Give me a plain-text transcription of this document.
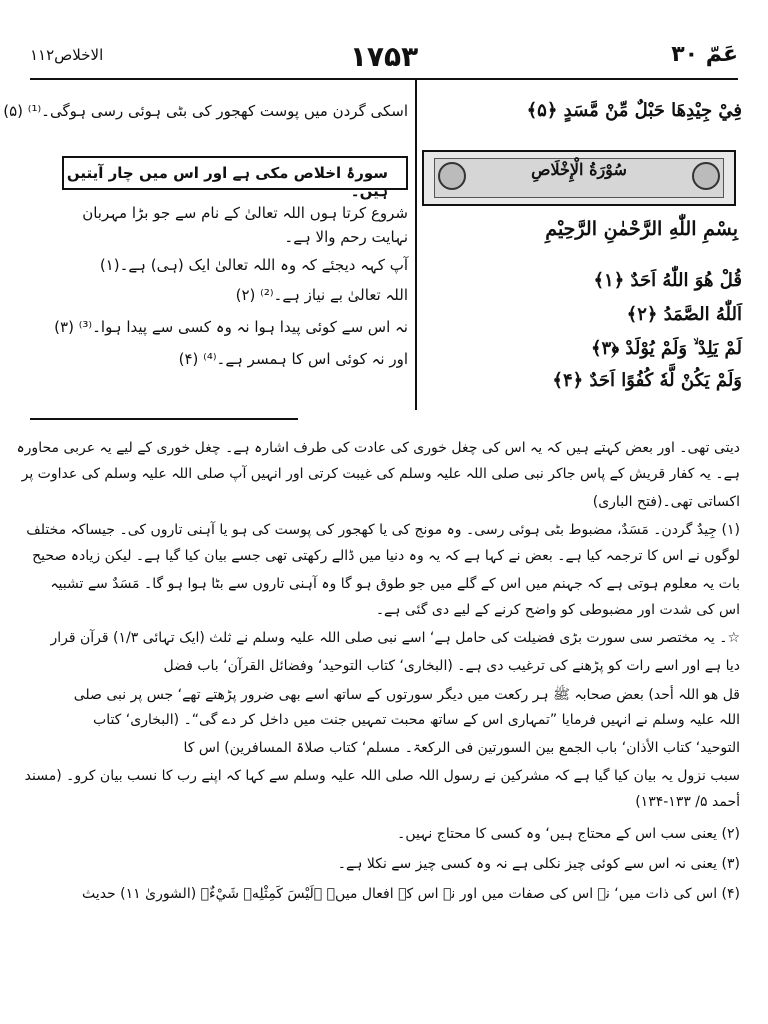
عَمّ ۳۰
۱۷۵۳
الاخلاص۱۱۲
فِيْ جِيْدِهَا حَبْلٌ مِّنْ مَّسَدٍ ﴿۵﴾
سُوْرَةُ الْإِخْلَاصِ
بِسْمِ اللّٰهِ الرَّحْمٰنِ الرَّحِيْمِ
قُلْ هُوَ اللّٰهُ اَحَدٌ ﴿۱﴾
اَللّٰهُ الصَّمَدُ ﴿۲﴾
لَمْ يَلِدْ ۙ وَلَمْ يُوْلَدْ ﴿۳﴾
وَلَمْ يَكُنْ لَّهٗ كُفُوًا اَحَدٌ ﴿۴﴾
اسکی گردن میں پوست کھجور کی بٹی ہوئی رسی ہوگی۔⁽¹⁾ (۵)
سورۂ اخلاص مکی ہے اور اس میں چار آیتیں ہیں۔
شروع کرتا ہوں اللہ تعالیٰ کے نام سے جو بڑا مہربان
نہایت رحم والا ہے۔
آپ کہہ دیجئے کہ وہ اللہ تعالیٰ ایک (ہی) ہے۔(۱)
اللہ تعالیٰ بے نیاز ہے۔⁽²⁾ (۲)
نہ اس سے کوئی پیدا ہوا نہ وہ کسی سے پیدا ہوا۔⁽³⁾ (۳)
اور نہ کوئی اس کا ہمسر ہے۔⁽⁴⁾ (۴)
دیتی تھی۔ اور بعض کہتے ہیں کہ یہ اس کی چغل خوری کی عادت کی طرف اشارہ ہے۔ چغل خوری کے لیے یہ عربی محاورہ
ہے۔ یہ کفار قریش کے پاس جاکر نبی صلی اللہ علیہ وسلم کی غیبت کرتی اور انہیں آپ صلی اللہ علیہ وسلم کی عداوت پر
اکساتی تھی۔(فتح الباری)
(۱) جِیدٌ گردن۔ مَسَدٌ، مضبوط بٹی ہوئی رسی۔ وہ مونج کی یا کھجور کی پوست کی ہو یا آہنی تاروں کی۔ جیساکہ مختلف
لوگوں نے اس کا ترجمہ کیا ہے۔ بعض نے کہا ہے کہ یہ وہ دنیا میں ڈالے رکھتی تھی جسے بیان کیا گیا ہے۔ لیکن زیادہ صحیح
بات یہ معلوم ہوتی ہے کہ جہنم میں اس کے گلے میں جو طوق ہو گا وہ آہنی تاروں سے بٹا ہوا ہو گا۔ مَسَدٌ سے تشبیہ
اس کی شدت اور مضبوطی کو واضح کرنے کے لیے دی گئی ہے۔
☆۔ یہ مختصر سی سورت بڑی فضیلت کی حامل ہے‘ اسے نبی صلی اللہ علیہ وسلم نے ثلث (ایک تہائی ۱/۳) قرآن قرار
دیا ہے اور اسے رات کو پڑھنے کی ترغیب دی ہے۔ (البخاری‘ کتاب التوحید‘ وفضائل القرآن‘ باب فضل
قل ھو اللہ أحد) بعض صحابہ ﷺ ہر رکعت میں دیگر سورتوں کے ساتھ اسے بھی ضرور پڑھتے تھے‘ جس پر نبی صلی
اللہ علیہ وسلم نے انہیں فرمایا ”تمہاری اس کے ساتھ محبت تمہیں جنت میں داخل کر دے گی“۔ (البخاری‘ کتاب
التوحید‘ کتاب الأذان‘ باب الجمع بین السورتین فی الرکعۃ۔ مسلم‘ کتاب صلاۃ المسافرین) اس کا
سبب نزول یہ بیان کیا گیا ہے کہ مشرکین نے رسول اللہ صلی اللہ علیہ وسلم سے کہا کہ اپنے رب کا نسب بیان کرو۔ (مسند
أحمد ۵/ ۱۳۳-۱۳۴)
(۲) یعنی سب اس کے محتاج ہیں‘ وہ کسی کا محتاج نہیں۔
(۳) یعنی نہ اس سے کوئی چیز نکلی ہے نہ وہ کسی چیز سے نکلا ہے۔
(۴) اس کی ذات میں‘ نہ اس کی صفات میں اور نہ اس کے افعال میں۔ ﴿لَيْسَ كَمِثْلِهٖ شَيْءٌ﴾ (الشوریٰ ۱۱) حدیث
